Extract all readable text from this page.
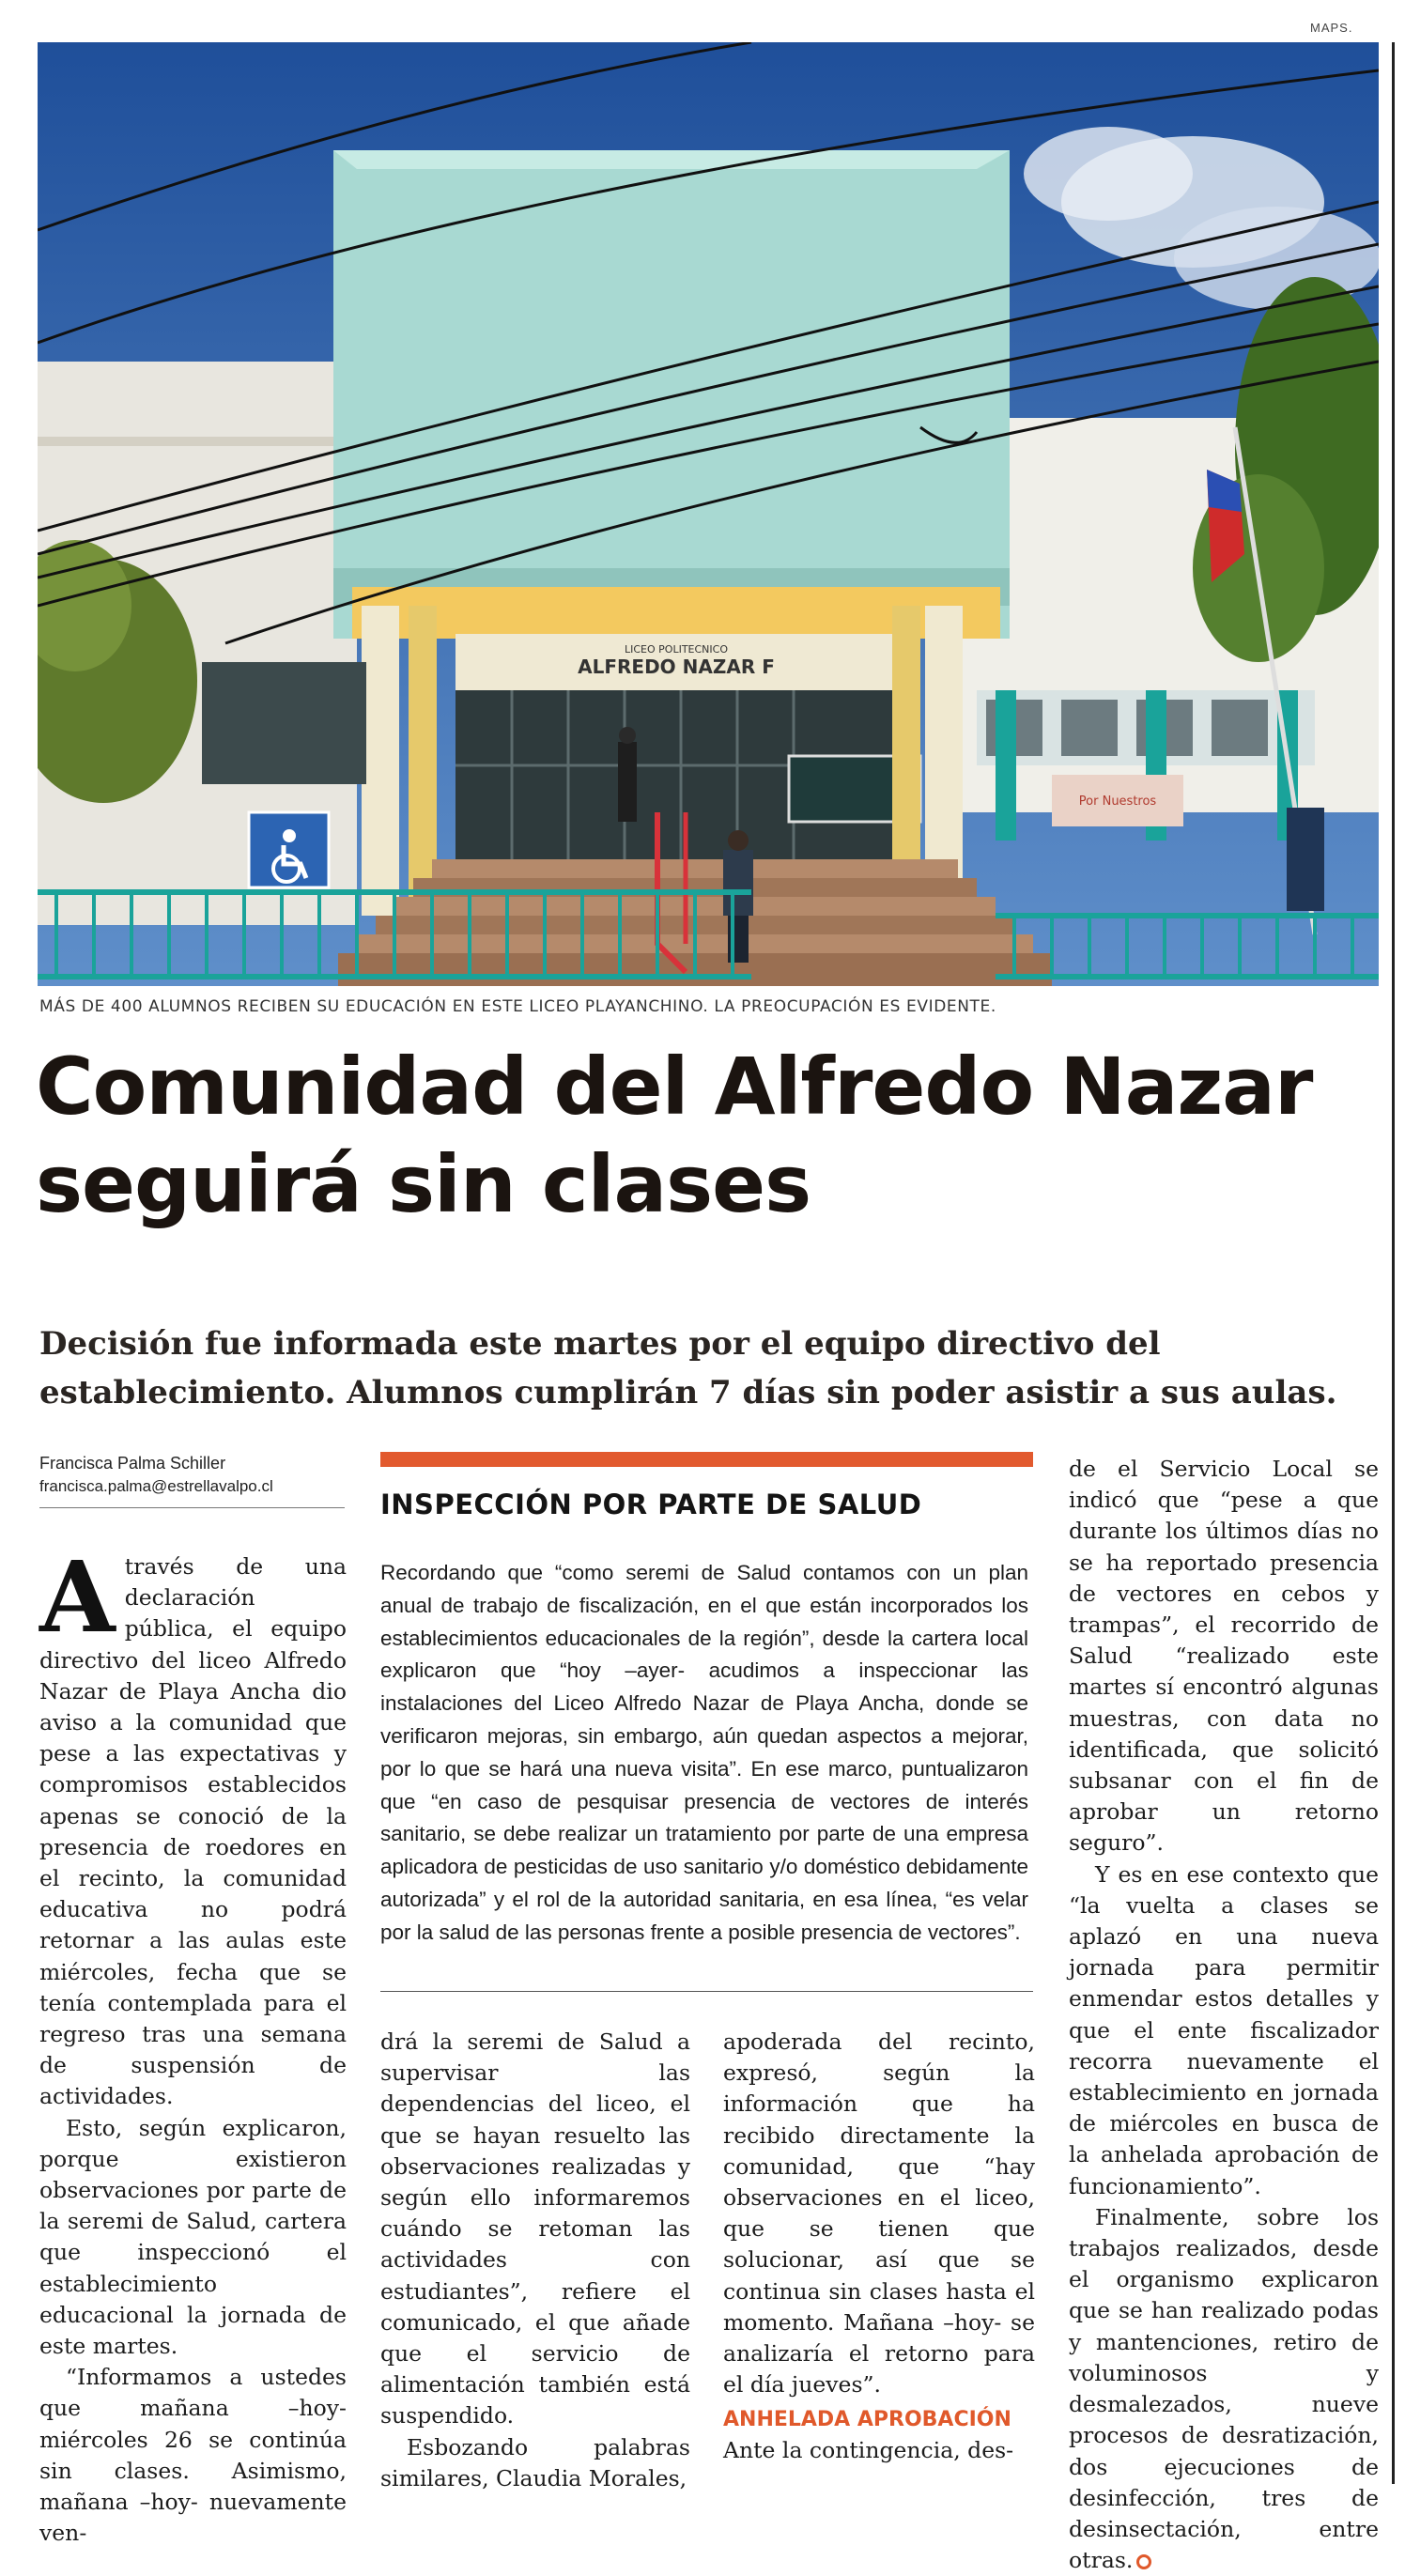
MAPS.
LICEO POLITECNICO
ALFREDO NAZAR F
Por Nuestros
MÁS DE 400 ALUMNOS RECIBEN SU EDUCACIÓN EN ESTE LICEO PLAYANCHINO. LA PREOCUPACIÓN ES EVIDENTE.
Comunidad del Alfredo Nazar seguirá sin clases

Decisión fue informada este martes por el equipo directivo del establecimiento. Alumnos cumplirán 7 días sin poder asistir a sus aulas.

Francisca Palma Schiller
francisca.palma@estrellavalpo.cl

Através de una declaración pública, el equipo directivo del liceo Alfredo Nazar de Playa Ancha dio aviso a la comunidad que pese a las expectativas y compromisos establecidos apenas se conoció de la presencia de roedores en el recinto, la comunidad educativa no podrá retornar a las aulas este miércoles, fecha que se tenía contemplada para el regreso tras una semana de suspensión de actividades.

Esto, según explicaron, porque existieron observaciones por parte de la seremi de Salud, cartera que inspeccionó el establecimiento educacional la jornada de este martes.

“Informamos a ustedes que mañana –hoy- miércoles 26 se continúa sin clases. Asimismo, mañana –hoy- nuevamente ven-

INSPECCIÓN POR PARTE DE SALUD
Recordando que “como seremi de Salud contamos con un plan anual de trabajo de fiscalización, en el que están incorporados los establecimientos educacionales de la región”, desde la cartera local explicaron que “hoy –ayer- acudimos a inspeccionar las instalaciones del Liceo Alfredo Nazar de Playa Ancha, donde se verificaron mejoras, sin embargo, aún quedan aspectos a mejorar, por lo que se hará una nueva visita”. En ese marco, puntualizaron que “en caso de pesquisar presencia de vectores de interés sanitario, se debe realizar un tratamiento por parte de una empresa aplicadora de pesticidas de uso sanitario y/o doméstico debidamente autorizada” y el rol de la autoridad sanitaria, en esa línea, “es velar por la salud de las personas frente a posible presencia de vectores”.

drá la seremi de Salud a supervisar las dependencias del liceo, el que se hayan resuelto las observaciones realizadas y según ello informaremos cuándo se retoman las actividades con estudiantes”, refiere el comunicado, el que añade que el servicio de alimentación también está suspendido.

Esbozando palabras similares, Claudia Morales,

apoderada del recinto, expresó, según la información que ha recibido directamente la comunidad, que “hay observaciones en el liceo, que se tienen que solucionar, así que se continua sin clases hasta el momento. Mañana –hoy- se analizaría el retorno para el día jueves”.

ANHELADA APROBACIÓN

Ante la contingencia, des-

de el Servicio Local se indicó que “pese a que durante los últimos días no se ha reportado presencia de vectores en cebos y trampas”, el recorrido de Salud “realizado este martes sí encontró algunas muestras, con data no identificada, que solicitó subsanar con el fin de aprobar un retorno seguro”.

Y es en ese contexto que “la vuelta a clases se aplazó en una nueva jornada para permitir enmendar estos detalles y que el ente fiscalizador recorra nuevamente el establecimiento en jornada de miércoles en busca de la anhelada aprobación de funcionamiento”.

Finalmente, sobre los trabajos realizados, desde el organismo explicaron que se han realizado podas y mantenciones, retiro de voluminosos y desmalezados, nueve procesos de desratización, dos ejecuciones de desinfección, tres de desinsectación, entre otras.
